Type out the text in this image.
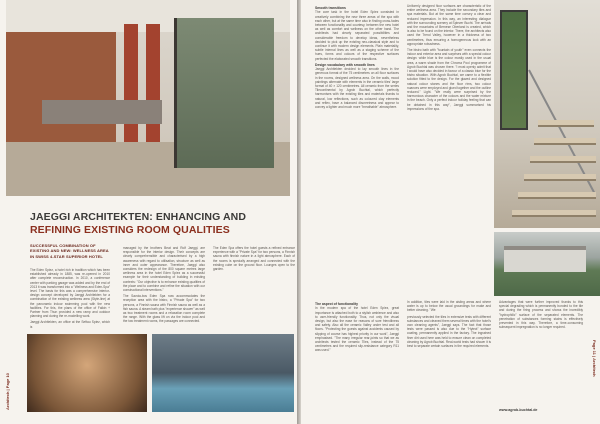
JAEGGI ARCHITEKTEN: ENHANCING AND
REFINING EXISTING ROOM QUALITIES
SUCCESSFUL COMBINATION OF EXISTING AND NEW: WELLNESS AREA IN SWISS 4-STAR SUPERIOR HOTEL

The Eden Spiez, a hotel rich in tradition which has been established already in 1885, was re-opened in 2010 after complete reconstruction. In 2010, a conference center with parking garage was added and by the end of 2013 it was transformed into a "Wellness and Eden-Spa" level. The basis for this was a comprehensive interior-design concept developed by Jaeggi Architekten for a combination of the existing wellness area (Style-line) at the panoramic indoor swimming pool with the new facilities. For this, the plans of the office of Falkin + Partner from Thun provided a new ramp and outdoor planning and during the re-modelling work.

Jaeggi Architekten, an office at the Seftau Spiez, which is

managed by the brothers Beat and Rolf Jaeggi, are responsible for the interior design. Their concepts are clearly comprehensible and characterised by a high awareness with regard to utilisation, structure as well as inner and outer appearance. Therefore, Jaeggi also considers the redesign of the 800 square metres large wellness area in the hotel Eden Spiez as a successful example for their understanding of building in existing contexts: "Our objective is to enhance existing qualities of the place and to combine and refine the situation with our constructional interventions."

The Savoia-bos Eden Spa now accommodates the reception area with the bistro, a "Private Spa" for two persons, a Finnish sauna with Finnish sauna as well as a fish sauna. A steam bath plus "experience shower" as well as two treatment rooms and a relaxation room complete the range. With the glass lift on via the indoor pool and the two treatment rooms, the passages are connected.

The Eden Spa offers the hotel guests a refined entrance experience with a "Private Spa" for two persons, a Finnish sauna with finnish nature in a light atmosphere. Each of the rooms is specially arranged and connected with the existing cube on the ground floor. Lounges open to the garden.

Architech | Page 10
Smooth transitions

The core task in the hotel Eden Spiez consisted in creatively combining the new three areas of the spa with each other, but at the same time also in finding cross-fades between functionality and courtesy, between the new hotel as well as comfort and wellness on the other hand. The architects had clearly separated possibilities and considerable freedom to develop ideas, nevertheless decided to pick up the existing neo-classical style and to continue it with modern design elements. Plain materiality, subtle internal lines as well as a staging scheme of the hues, forms and colours of the respective surfaces perfected the elaborated smooth transitions.

Design vocabulary with smooth lines

Jaeggi Architekten decided to lay smooth lines in the generous format of the 75 centimetres on all floor surfaces in the rooms, designed wellness area. On the walls, mood paintings alternate with elements in the ceramic tiles' large format of 40 × 120 centimetres. All ceramic from the series Tilecontinental by Agrob Buchtal, which perfectly harmonises with the existing tiles and materials thanks to natural, low reflections, such as coloured clay elements and reflex, have a balanced discreetness and appear to convey a lighter and much more "breathable" atmosphere.

Uniformly designed floor surfaces are characteristic of the entire wellness area. They include the secondary tiles and spa materials. But at the same time convey a clear and reduced impression. In this way, an interesting dialogue with the surrounding scenery at Spiezer Bucht. The arrivals and the mountains of Bernese Oberland is created, which is also to be found on the interior. There, the architects also used the Trend Valley, however in a thickness of two centimetres, thus ensuring a homogeneous look with an appropriate robustness.

The bistro bath with "fountain of youth" even connects the indoor and exterior area and surprises with a special colour design: while blue is the colour mostly used in the usual area, a warm shade from the Chroma Pool programme of Agrob Buchtal was chosen there. "I most openly admit that I would have also decided in favour of a classic blue for the bistro situation. With Agrob Buchtal, we came to a flexible solution fitted to the design. For the glazed and designed natural colour stones and the floor rims, two colour nuances were employed and glued together and the outline reduced." Light. "We really were surprised by the harmonious character of the colours and the water mixture in the beach. Only a perfect indoor holiday feeling that can be obtained in this way", Jaeggi summarised his impressions of the spa.

The aspect of functionality

In the modern spa of the hotel Eden Spiez, great importance is attached both to a stylish ambience and also to user-friendly functionality. Thus, not only the visual design, but also the ease for reasons of sure friendliness and safety. Also all the ceramic Valley under test and all floors. "Protecting the guests against accidents caused by slipping of course has highest priority in our work", Jaeggi emphasised. "The many irregular rear-joints so that we as architects tested the ceramic Tiles, instead of the 75 centimetres and the required slip-resistance category R11 was used."

In addition, tiles were laid in the aisling areas and where water is up to below the usual groundings for make and better cleaning. "We

previously selected the tiles in extensive tests with different substances and cleaned them several times with the hotel's own cleaning agents", Jaeggi says. The fact that those tests were passed is also due to the "Hytect" surface coating, permanently applied in the factory. The ingrained finer dirt used here was held to ensure clean on completed cleaning by Agrob Buchtal. Real-world tests had shown it is best to separate certain surfaces in the required elements.

Advantages that were further improved thanks to this special degrading which is permanently bonded to the tile and during the firing process and shows the incredibly "hydrophilic" surface of the separated elements. The penetration of substances forming stains is effectively prevented in this way. Therefore, a time-consuming subsequent impregnation is no longer required.

www.agrob-buchtal.de
Page 11 | Architech
